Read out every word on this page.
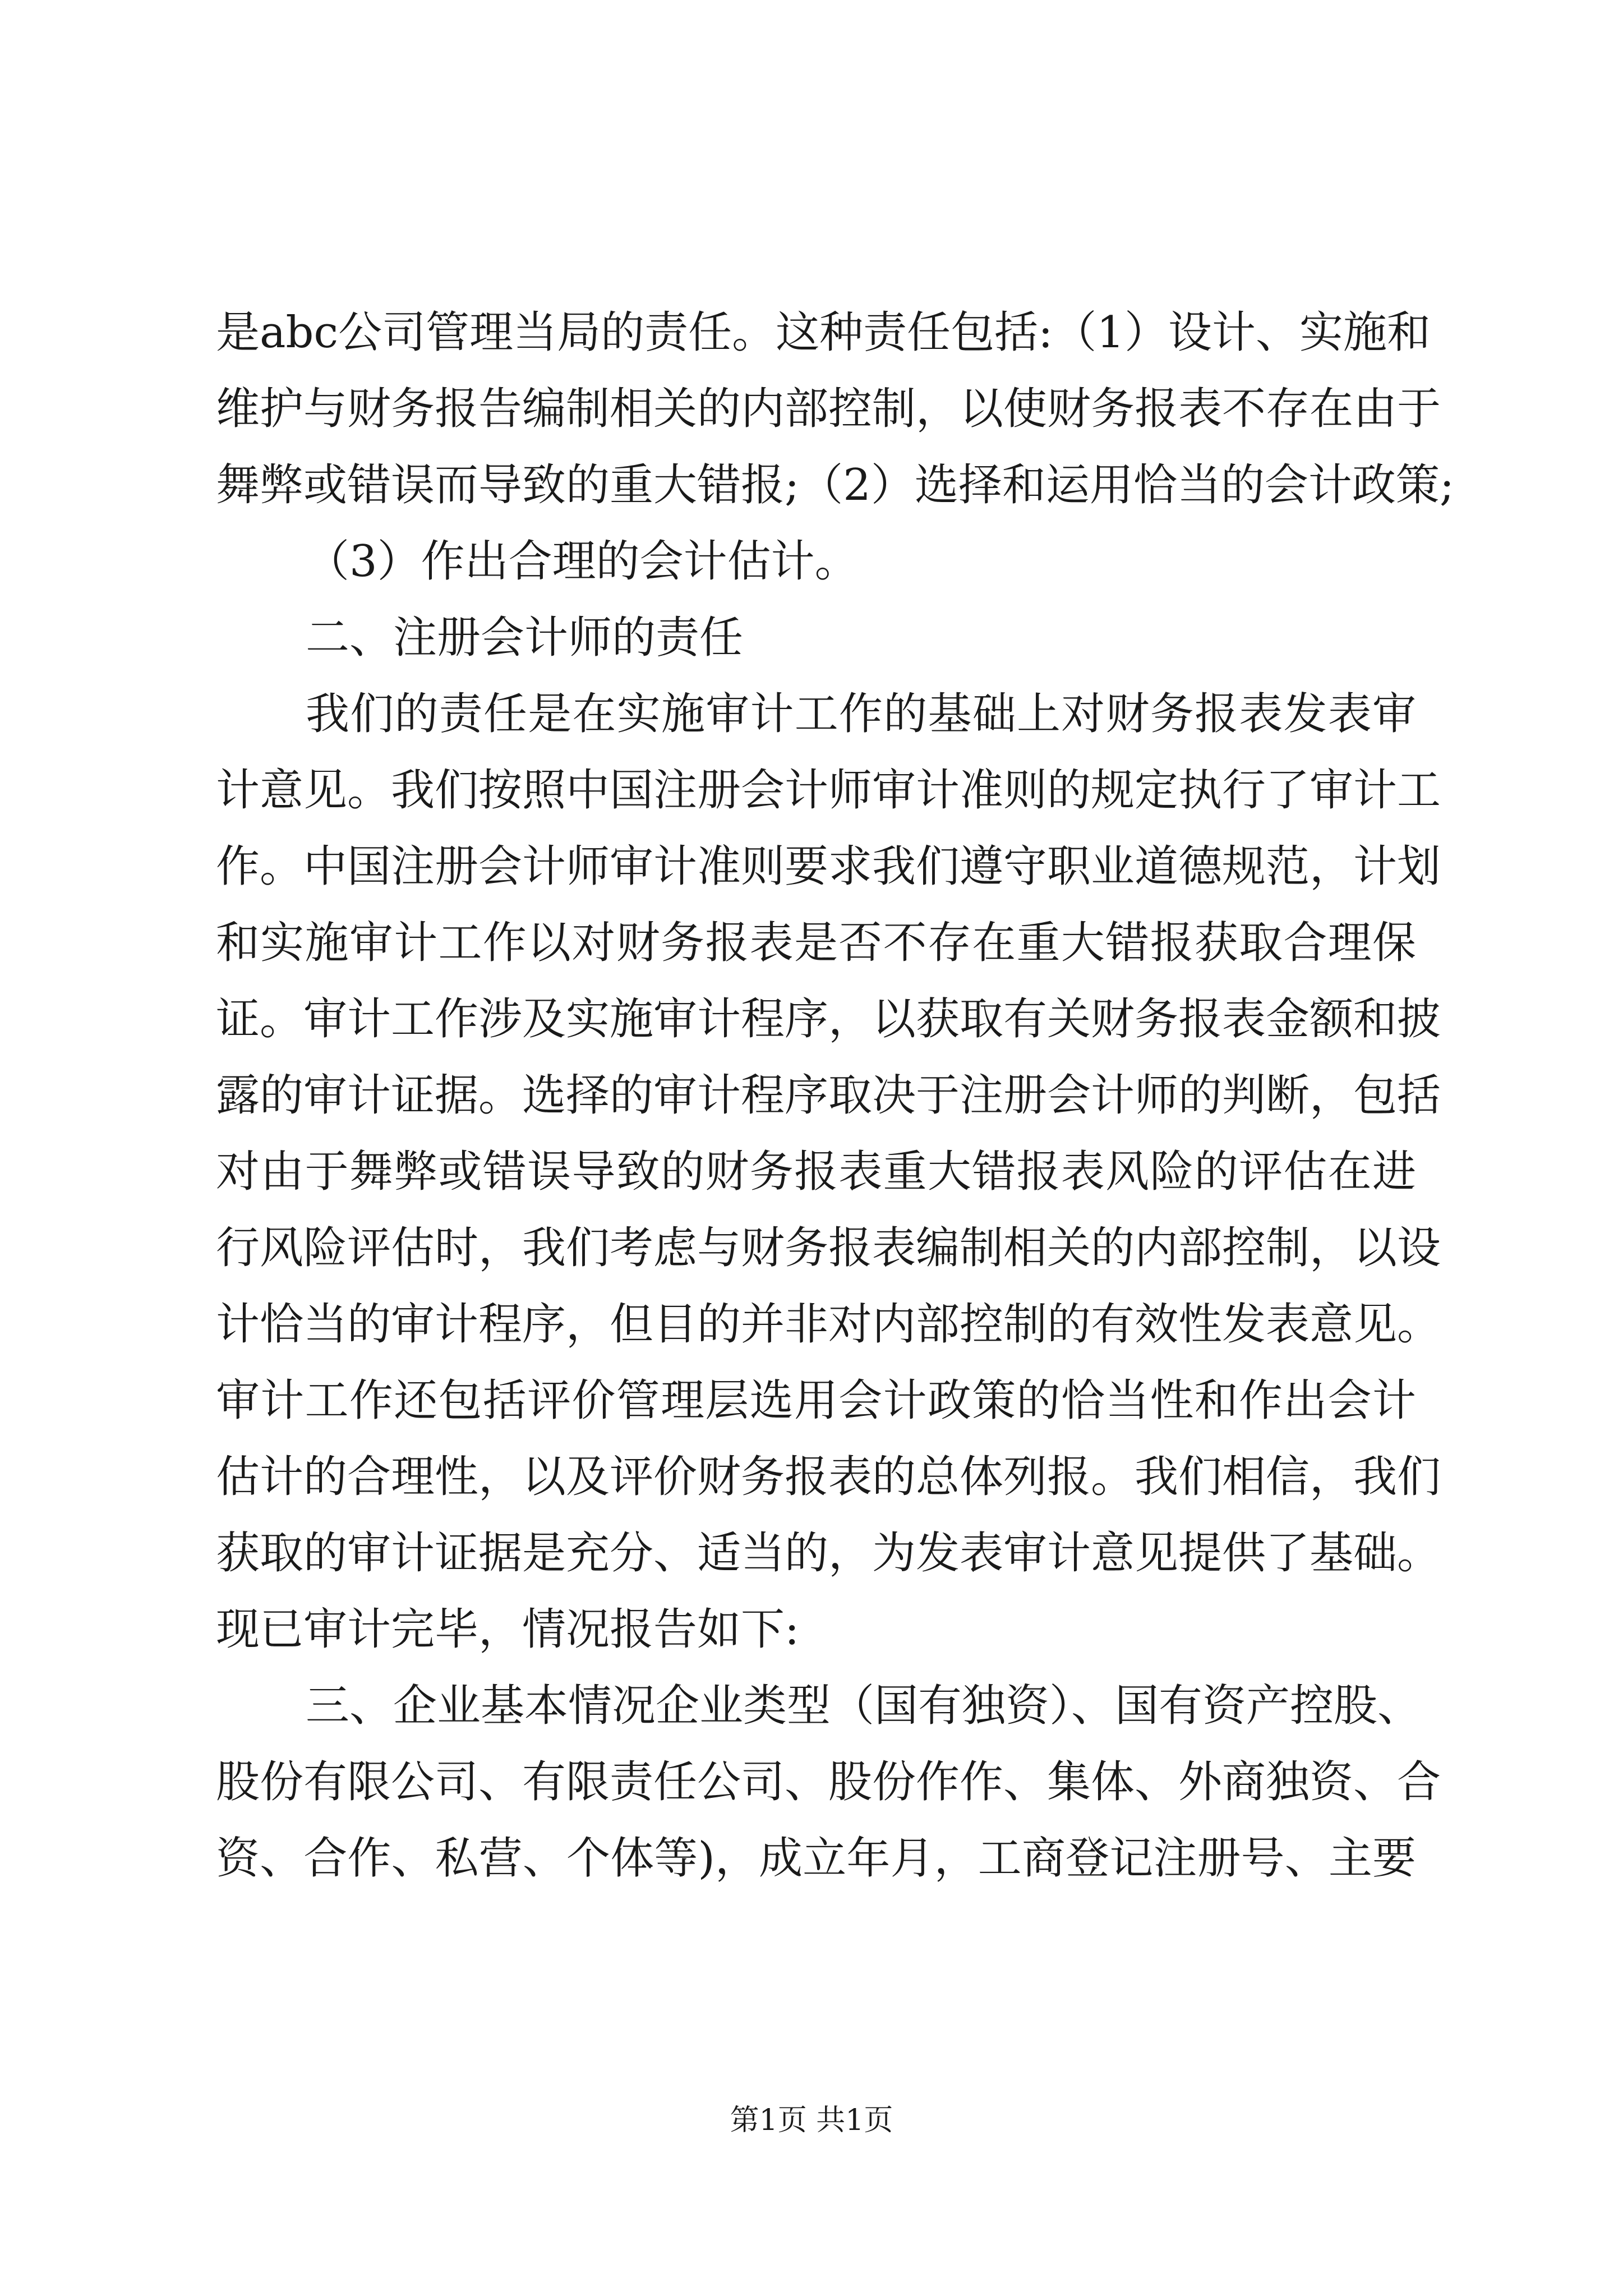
是abc公司管理当局的责任。这种责任包括:（1）设计、实施和
维护与财务报告编制相关的内部控制，以使财务报表不存在由于
舞弊或错误而导致的重大错报;（2）选择和运用恰当的会计政策;
（3）作出合理的会计估计。
二、注册会计师的责任
我们的责任是在实施审计工作的基础上对财务报表发表审
计意见。我们按照中国注册会计师审计准则的规定执行了审计工
作。中国注册会计师审计准则要求我们遵守职业道德规范，计划
和实施审计工作以对财务报表是否不存在重大错报获取合理保
证。审计工作涉及实施审计程序，以获取有关财务报表金额和披
露的审计证据。选择的审计程序取决于注册会计师的判断，包括
对由于舞弊或错误导致的财务报表重大错报表风险的评估在进
行风险评估时，我们考虑与财务报表编制相关的内部控制，以设
计恰当的审计程序，但目的并非对内部控制的有效性发表意见。
审计工作还包括评价管理层选用会计政策的恰当性和作出会计
估计的合理性，以及评价财务报表的总体列报。我们相信，我们
获取的审计证据是充分、适当的，为发表审计意见提供了基础。
现已审计完毕，情况报告如下:
三、企业基本情况企业类型（国有独资）、国有资产控股、
股份有限公司、有限责任公司、股份作作、集体、外商独资、合
资、合作、私营、个体等)，成立年月，工商登记注册号、主要
第1页 共1页
